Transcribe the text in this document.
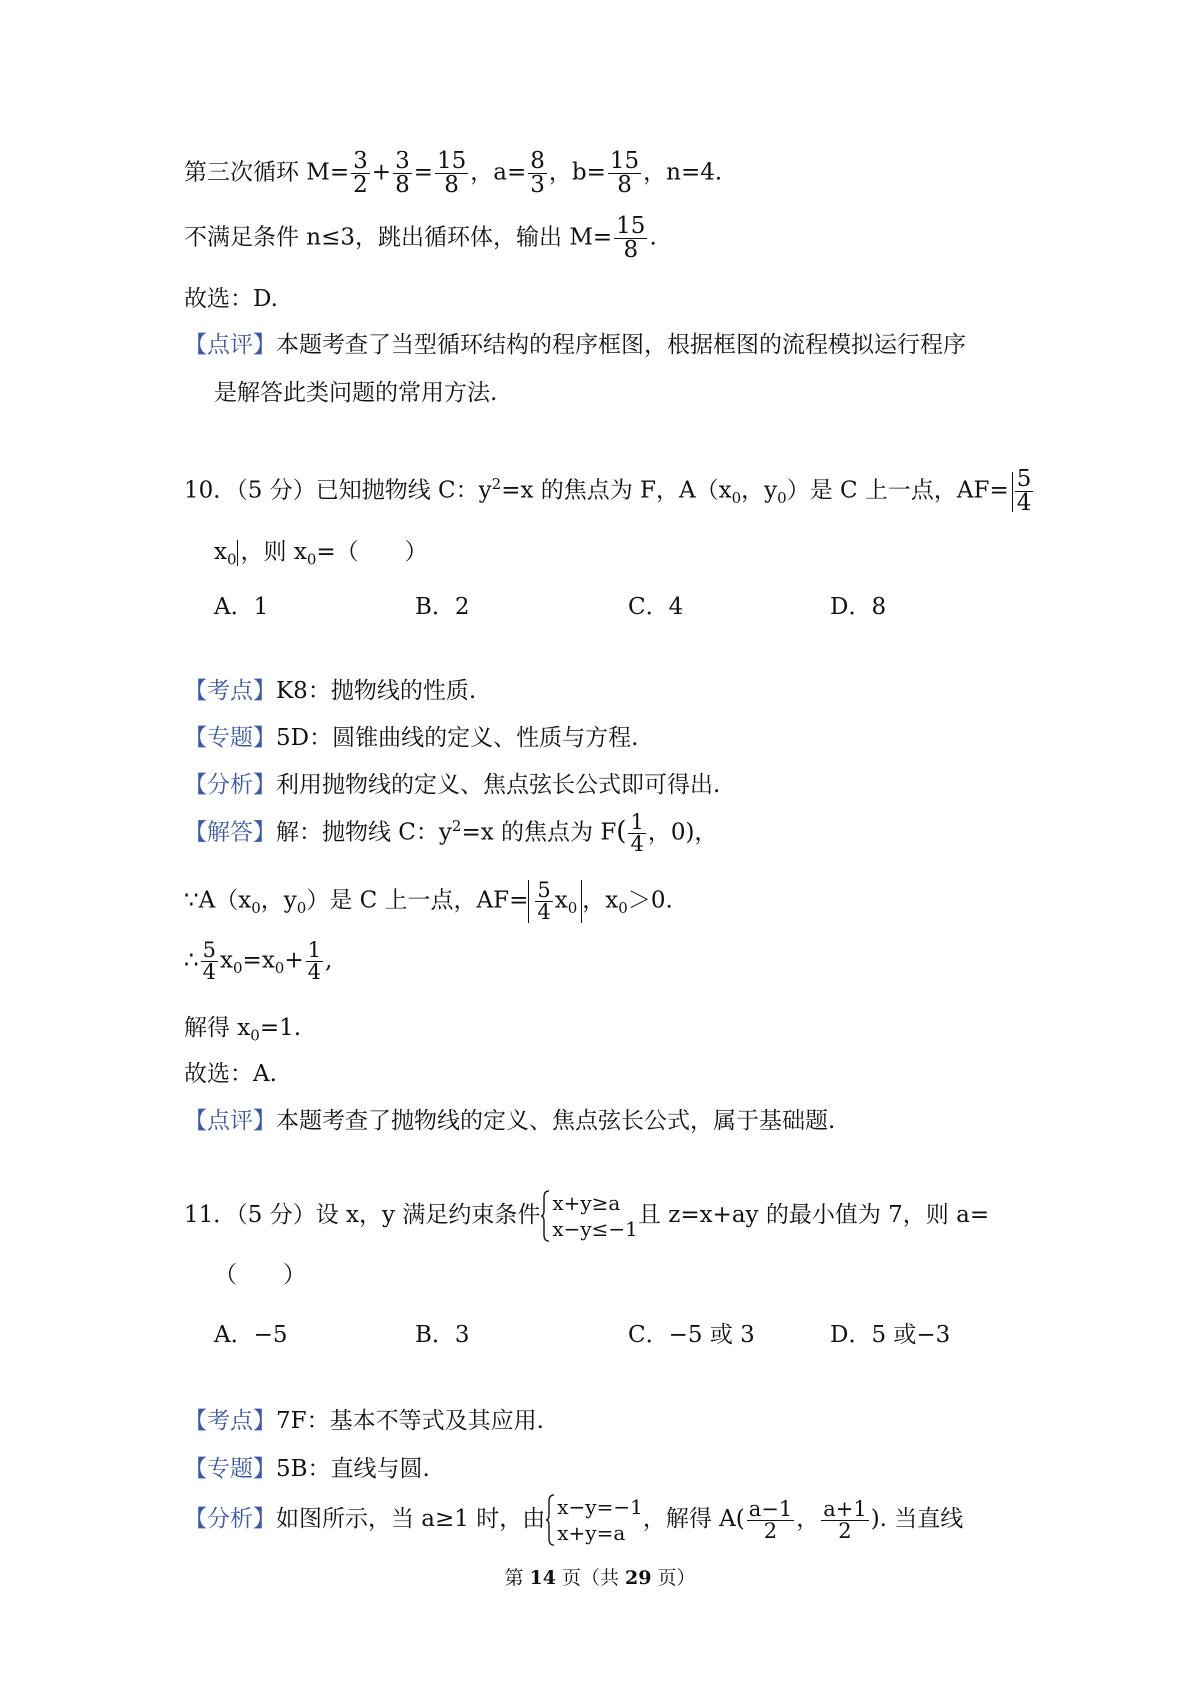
第三次循环 $M= \frac{3}{2} + \frac{3}{8} = \frac{15}{8}$ ，$a= \frac{8}{3}$ ，$b= \frac{15}{8}$ ，n=4.
不满足条件 n≤3，跳出循环体，输出 $M= \frac{15}{8}$ .
故选：D.
【点评】本题考查了当型循环结构的程序框图，根据框图的流程模拟运行程序
是解答此类问题的常用方法.
10．（5 分）已知抛物线 C：$y^2=x$ 的焦点为 F，$A(x_0$，$y_0$）是 C 上一点，$AF= \frac{5}{4}$
$x_0$ ，则 $x_0=$（　　）
A．1	B．2	C．4	D．8
【考点】K8：抛物线的性质.
【专题】5D：圆锥曲线的定义、性质与方程.
【分析】利用抛物线的定义、焦点弦长公式即可得出.
【解答】解：抛物线 C：$y^2=x$ 的焦点为 $F( \frac{1}{4}$ ，0)，
$\because A(x_0$，$y_0$）是 C 上一点，$AF= \frac{5}{4} x_0$ ，$x_0>0$.
∴ $\frac{5}{4} x_0=x_0+ \frac{1}{4}$ ,
解得 $x_0=1$.
故选：A.
【点评】本题考查了抛物线的定义、焦点弦长公式，属于基础题.
11．（5 分）设 x，y 满足约束条件 x+y≥a
x−y≤−1
且 z=x+ay 的最小值为 7，则 a=
（　　）
A．−5	B．3	C．−5 或 3	D．5 或−3
【考点】7F：基本不等式及其应用.
【专题】5B：直线与圆.
【分析】如图所示，当 a≥1 时，由 x−y=−1
x+y=a
，解得 $A( \frac{a-1}{2}$ ， $\frac{a+1}{2}$ ). 当直线
第 14 页（共 29 页）
